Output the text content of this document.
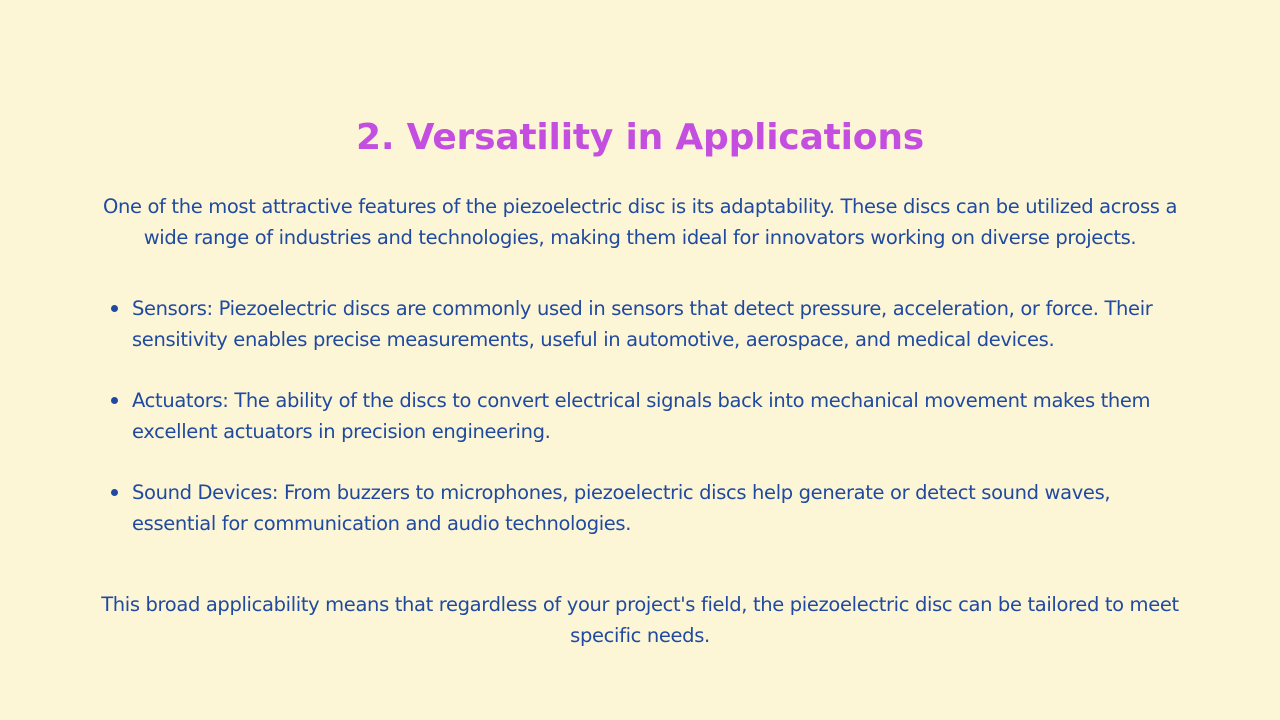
2. Versatility in Applications

One of the most attractive features of the piezoelectric disc is its adaptability. These discs can be utilized across a wide range of industries and technologies, making them ideal for innovators working on diverse projects.

Sensors: Piezoelectric discs are commonly used in sensors that detect pressure, acceleration, or force. Their sensitivity enables precise measurements, useful in automotive, aerospace, and medical devices.
Actuators: The ability of the discs to convert electrical signals back into mechanical movement makes them excellent actuators in precision engineering.
Sound Devices: From buzzers to microphones, piezoelectric discs help generate or detect sound waves, essential for communication and audio technologies.

This broad applicability means that regardless of your project's field, the piezoelectric disc can be tailored to meet specific needs.
